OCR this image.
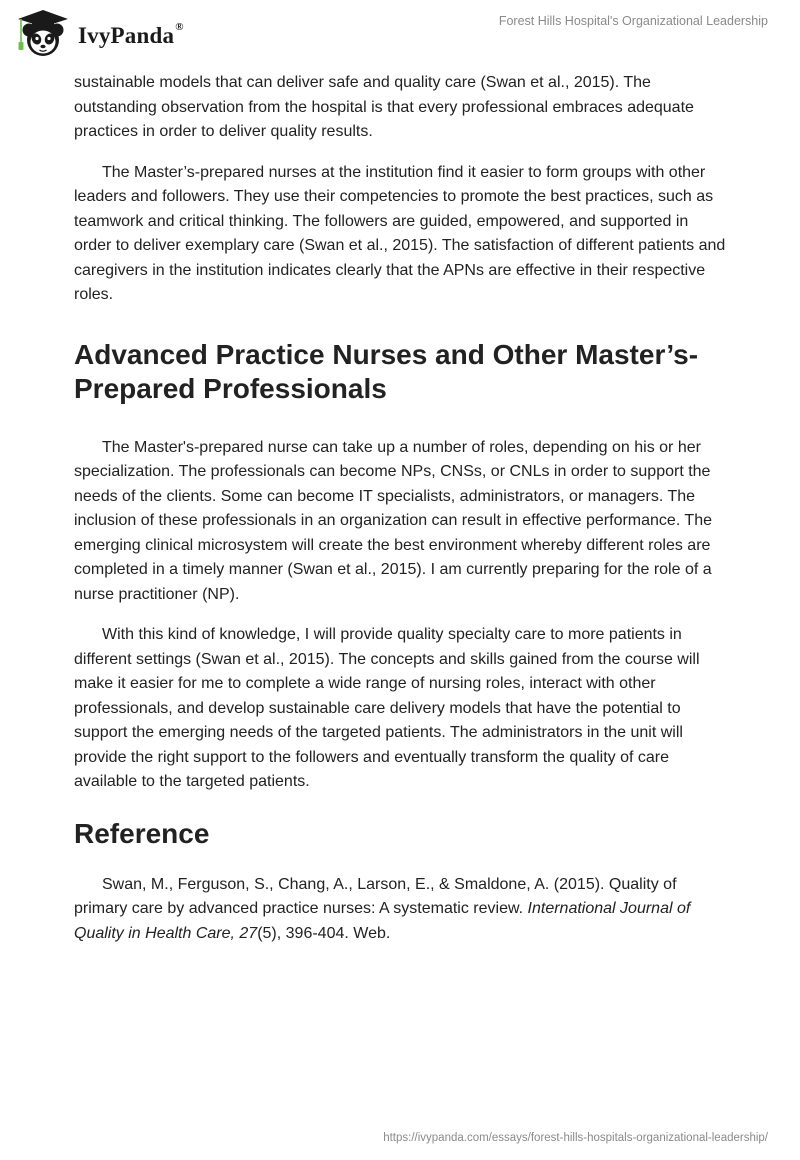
IvyPanda®	Forest Hills Hospital's Organizational Leadership

sustainable models that can deliver safe and quality care (Swan et al., 2015). The outstanding observation from the hospital is that every professional embraces adequate practices in order to deliver quality results.

The Master’s-prepared nurses at the institution find it easier to form groups with other leaders and followers. They use their competencies to promote the best practices, such as teamwork and critical thinking. The followers are guided, empowered, and supported in order to deliver exemplary care (Swan et al., 2015). The satisfaction of different patients and caregivers in the institution indicates clearly that the APNs are effective in their respective roles.

Advanced Practice Nurses and Other Master’s-Prepared Professionals

The Master's-prepared nurse can take up a number of roles, depending on his or her specialization. The professionals can become NPs, CNSs, or CNLs in order to support the needs of the clients. Some can become IT specialists, administrators, or managers. The inclusion of these professionals in an organization can result in effective performance. The emerging clinical microsystem will create the best environment whereby different roles are completed in a timely manner (Swan et al., 2015). I am currently preparing for the role of a nurse practitioner (NP).

With this kind of knowledge, I will provide quality specialty care to more patients in different settings (Swan et al., 2015). The concepts and skills gained from the course will make it easier for me to complete a wide range of nursing roles, interact with other professionals, and develop sustainable care delivery models that have the potential to support the emerging needs of the targeted patients. The administrators in the unit will provide the right support to the followers and eventually transform the quality of care available to the targeted patients.

Reference

Swan, M., Ferguson, S., Chang, A., Larson, E., & Smaldone, A. (2015). Quality of primary care by advanced practice nurses: A systematic review. International Journal of Quality in Health Care, 27(5), 396-404. Web.

https://ivypanda.com/essays/forest-hills-hospitals-organizational-leadership/
